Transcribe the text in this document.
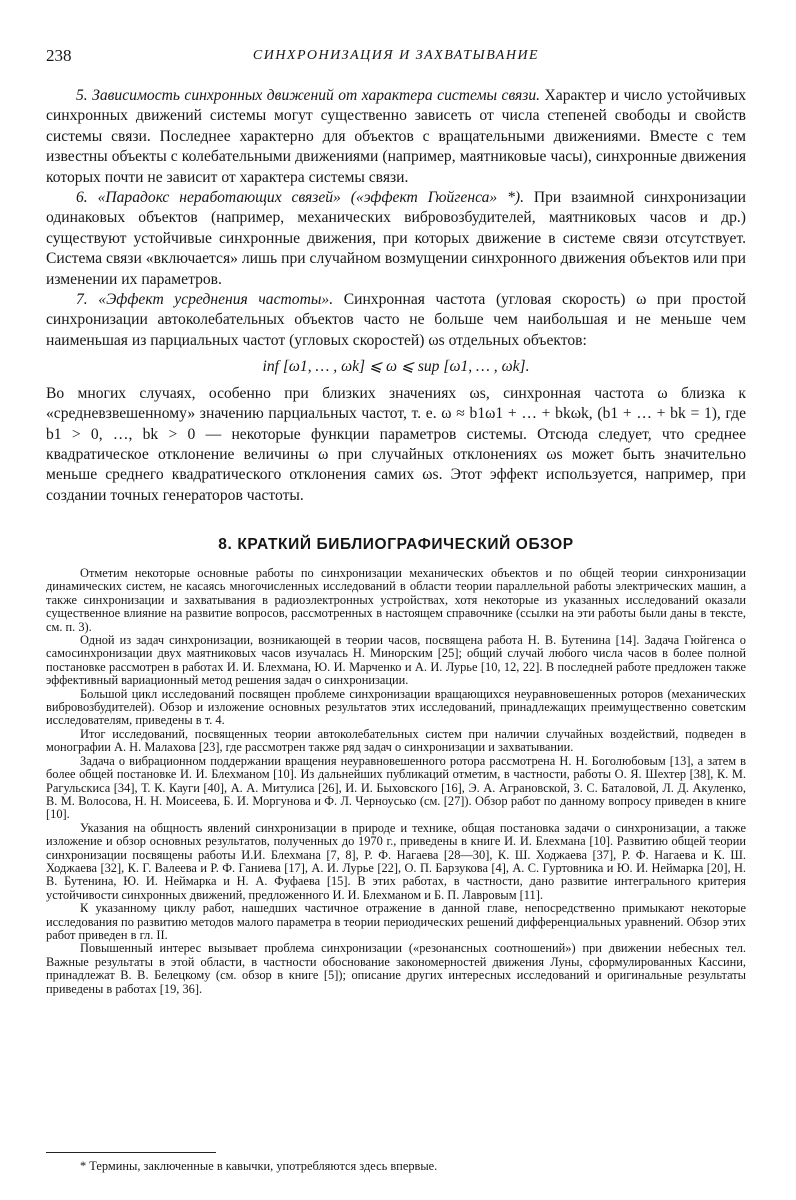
238	СИНХРОНИЗАЦИЯ И ЗАХВАТЫВАНИЕ

5. Зависимость синхронных движений от характера системы связи. Характер и число устойчивых синхронных движений системы могут существенно зависеть от числа степеней свободы и свойств системы связи. Последнее характерно для объектов с вращательными движениями. Вместе с тем известны объекты с колебательными движениями (например, маятниковые часы), синхронные движения которых почти не зависит от характера системы связи.

6. «Парадокс неработающих связей» («эффект Гюйгенса» *). При взаимной синхронизации одинаковых объектов (например, механических вибровозбудителей, маятниковых часов и др.) существуют устойчивые синхронные движения, при которых движение в системе связи отсутствует. Система связи «включается» лишь при случайном возмущении синхронного движения объектов или при изменении их параметров.

7. «Эффект усреднения частоты». Синхронная частота (угловая скорость) ω при простой синхронизации автоколебательных объектов часто не больше чем наибольшая и не меньше чем наименьшая из парциальных частот (угловых скоростей) ωs отдельных объектов:

inf [ω1, … , ωk] ⩽ ω ⩽ sup [ω1, … , ωk].

Во многих случаях, особенно при близких значениях ωs, синхронная частота ω близка к «средневзвешенному» значению парциальных частот, т. е. ω ≈ b1ω1 + … + bkωk, (b1 + … + bk = 1), где b1 > 0, …, bk > 0 — некоторые функции параметров системы. Отсюда следует, что среднее квадратическое отклонение величины ω при случайных отклонениях ωs может быть значительно меньше среднего квадратического отклонения самих ωs. Этот эффект используется, например, при создании точных генераторов частоты.

8. КРАТКИЙ БИБЛИОГРАФИЧЕСКИЙ ОБЗОР

Отметим некоторые основные работы по синхронизации механических объектов и по общей теории синхронизации динамических систем, не касаясь многочисленных исследований в области теории параллельной работы электрических машин, а также синхронизации и захватывания в радиоэлектронных устройствах, хотя некоторые из указанных исследований оказали существенное влияние на развитие вопросов, рассмотренных в настоящем справочнике (ссылки на эти работы были даны в тексте, см. п. 3).

Одной из задач синхронизации, возникающей в теории часов, посвящена работа Н. В. Бутенина [14]. Задача Гюйгенса о самосинхронизации двух маятниковых часов изучалась Н. Минорским [25]; общий случай любого числа часов в более полной постановке рассмотрен в работах И. И. Блехмана, Ю. И. Марченко и А. И. Лурье [10, 12, 22]. В последней работе предложен также эффективный вариационный метод решения задач о синхронизации.

Большой цикл исследований посвящен проблеме синхронизации вращающихся неуравновешенных роторов (механических вибровозбудителей). Обзор и изложение основных результатов этих исследований, принадлежащих преимущественно советским исследователям, приведены в т. 4.

Итог исследований, посвященных теории автоколебательных систем при наличии случайных воздействий, подведен в монографии А. Н. Малахова [23], где рассмотрен также ряд задач о синхронизации и захватывании.

Задача о вибрационном поддержании вращения неуравновешенного ротора рассмотрена Н. Н. Боголюбовым [13], а затем в более общей постановке И. И. Блехманом [10]. Из дальнейших публикаций отметим, в частности, работы О. Я. Шехтер [38], К. М. Рагульскиса [34], Т. К. Кауги [40], А. А. Митулиса [26], И. И. Быховского [16], Э. А. Аграновской, З. С. Баталовой, Л. Д. Акуленко, В. М. Волосова, Н. Н. Моисеева, Б. И. Моргунова и Ф. Л. Черноусько (см. [27]). Обзор работ по данному вопросу приведен в книге [10].

Указания на общность явлений синхронизации в природе и технике, общая постановка задачи о синхронизации, а также изложение и обзор основных результатов, полученных до 1970 г., приведены в книге И. И. Блехмана [10]. Развитию общей теории синхронизации посвящены работы И.И. Блехмана [7, 8], Р. Ф. Нагаева [28—30], К. Ш. Ходжаева [37], Р. Ф. Нагаева и К. Ш. Ходжаева [32], К. Г. Валеева и Р. Ф. Ганиева [17], А. И. Лурье [22], О. П. Барзукова [4], А. С. Гуртовника и Ю. И. Неймарка [20], Н. В. Бутенина, Ю. И. Неймарка и Н. А. Фуфаева [15]. В этих работах, в частности, дано развитие интегрального критерия устойчивости синхронных движений, предложенного И. И. Блехманом и Б. П. Лавровым [11].

К указанному циклу работ, нашедших частичное отражение в данной главе, непосредственно примыкают некоторые исследования по развитию методов малого параметра в теории периодических решений дифференциальных уравнений. Обзор этих работ приведен в гл. II.

Повышенный интерес вызывает проблема синхронизации («резонансных соотношений») при движении небесных тел. Важные результаты в этой области, в частности обоснование закономерностей движения Луны, сформулированных Кассини, принадлежат В. В. Белецкому (см. обзор в книге [5]); описание других интересных исследований и оригинальные результаты приведены в работах [19, 36].

* Термины, заключенные в кавычки, употребляются здесь впервые.
